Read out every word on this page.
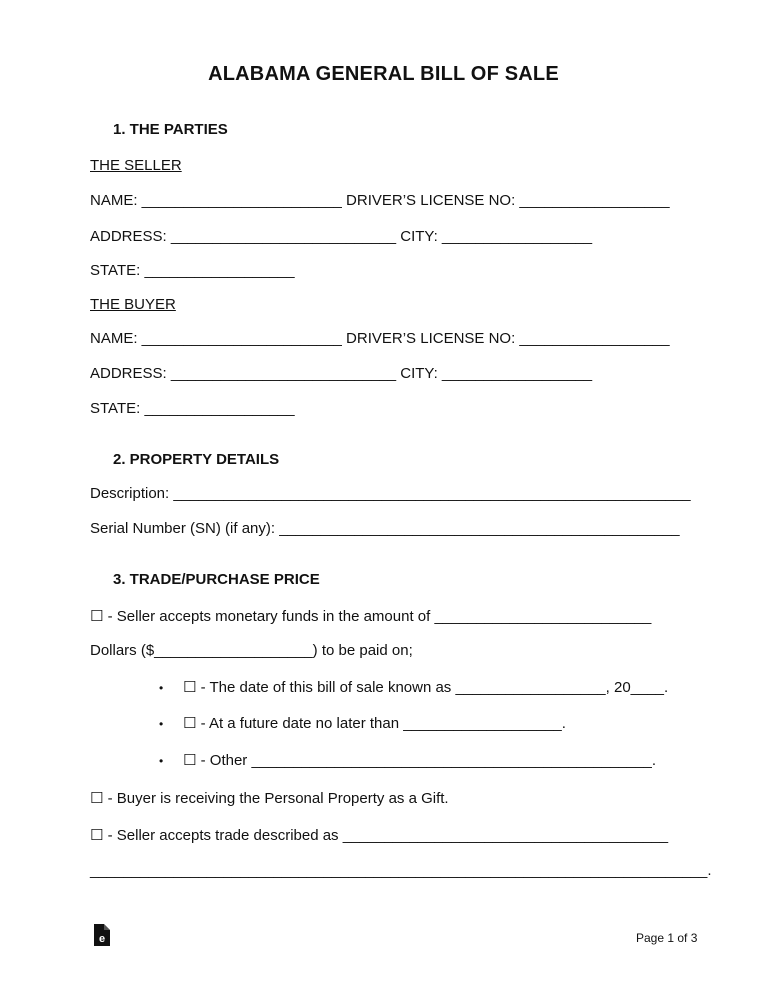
ALABAMA GENERAL BILL OF SALE
1. THE PARTIES
THE SELLER
NAME: ________________________ DRIVER’S LICENSE NO: __________________
ADDRESS: ___________________________ CITY: __________________
STATE: __________________
THE BUYER
NAME: ________________________ DRIVER’S LICENSE NO: __________________
ADDRESS: ___________________________ CITY: __________________
STATE: __________________
2. PROPERTY DETAILS
Description: ______________________________________________________________
Serial Number (SN) (if any): ________________________________________________
3. TRADE/PURCHASE PRICE
☐ - Seller accepts monetary funds in the amount of __________________________
Dollars ($___________________) to be paid on;
• ☐ - The date of this bill of sale known as __________________, 20____.
• ☐ - At a future date no later than ___________________.
• ☐ - Other ________________________________________________.
☐ - Buyer is receiving the Personal Property as a Gift.
☐ - Seller accepts trade described as _______________________________________
__________________________________________________________________________.
e	Page 1 of 3
